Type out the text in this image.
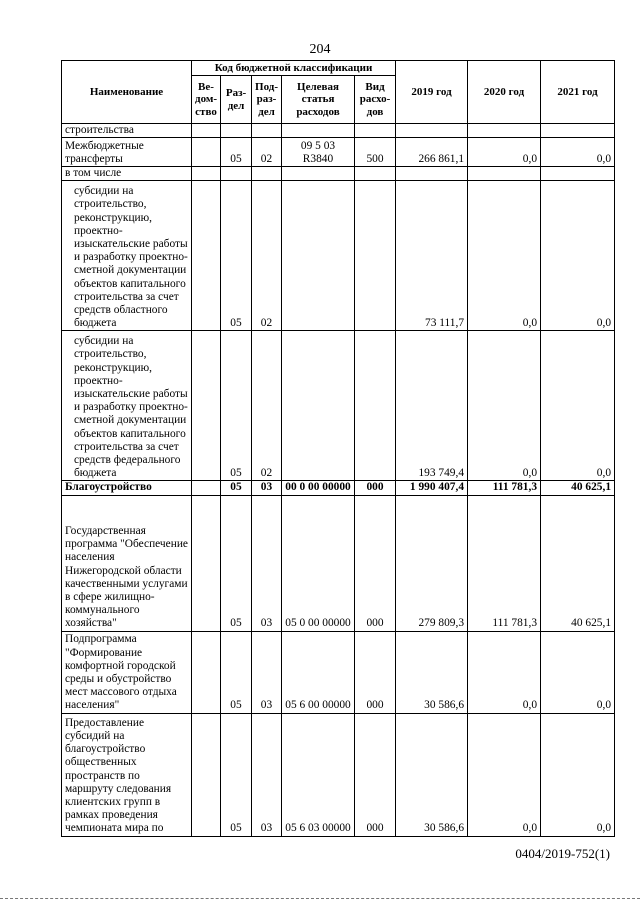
204
Наименование	Код бюджетной классификации					2019 год	2020 год	2021 год
	Ве-дом-ство	Раз-дел	Под-раз-дел	Целевая статья расходов	Вид расхо-дов			
строительства								
Межбюджетные трансферты		05	02	09 5 03 R3840	500	266 861,1	0,0	0,0
в том числе								
субсидии на строительство, реконструкцию, проектно-изыскательские работы и разработку проектно-сметной документации объектов капитального строительства за счет средств областного бюджета		05	02			73 111,7	0,0	0,0
субсидии на строительство, реконструкцию, проектно-изыскательские работы и разработку проектно-сметной документации объектов капитального строительства за счет средств федерального бюджета		05	02			193 749,4	0,0	0,0
Благоустройство		05	03	00 0 00 00000	000	1 990 407,4	111 781,3	40 625,1
Государственная программа "Обеспечение населения Нижегородской области качественными услугами в сфере жилищно-коммунального хозяйства"		05	03	05 0 00 00000	000	279 809,3	111 781,3	40 625,1
Подпрограмма "Формирование комфортной городской среды и обустройство мест массового отдыха населения"		05	03	05 6 00 00000	000	30 586,6	0,0	0,0
Предоставление субсидий на благоустройство общественных пространств по маршруту следования клиентских групп в рамках проведения чемпионата мира по		05	03	05 6 03 00000	000	30 586,6	0,0	0,0
0404/2019-752(1)
